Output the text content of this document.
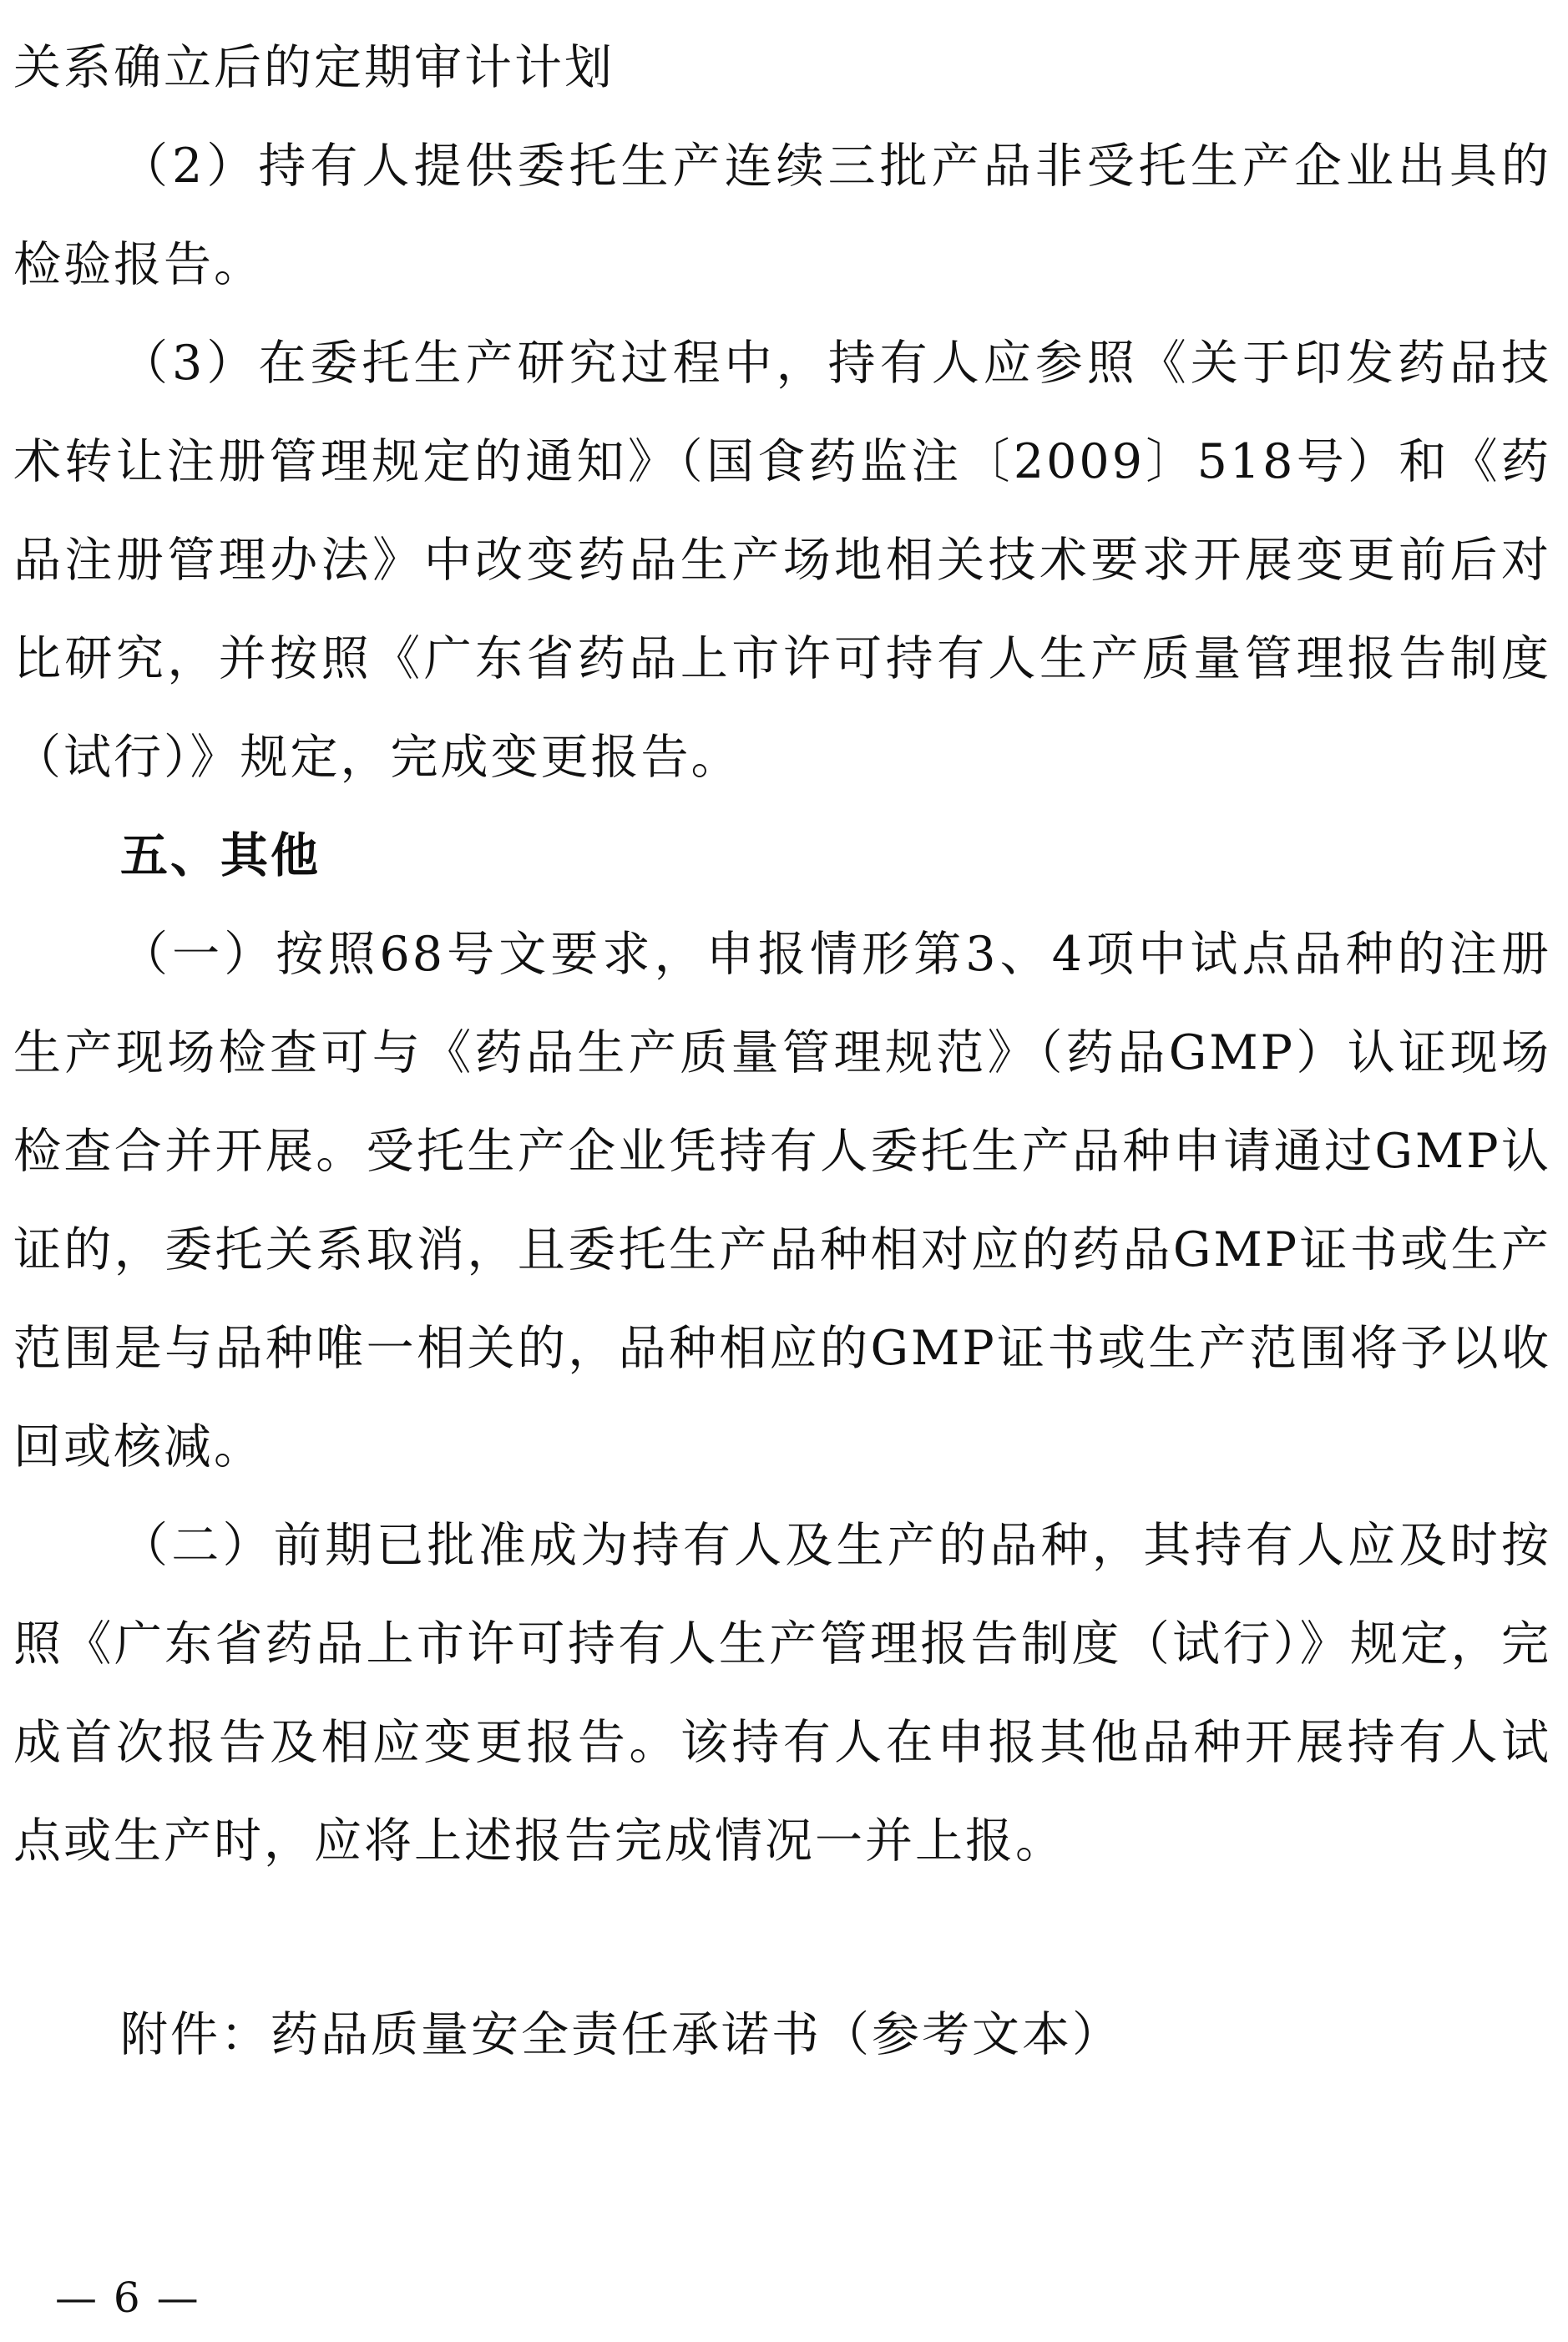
关系确立后的定期审计计划

（2）持有人提供委托生产连续三批产品非受托生产企业出具的检验报告。

（3）在委托生产研究过程中，持有人应参照《关于印发药品技术转让注册管理规定的通知》（国食药监注〔2009〕518号）和《药品注册管理办法》中改变药品生产场地相关技术要求开展变更前后对比研究，并按照《广东省药品上市许可持有人生产质量管理报告制度（试行）》规定，完成变更报告。

五、其他

（一）按照68号文要求，申报情形第3、4项中试点品种的注册生产现场检查可与《药品生产质量管理规范》（药品GMP）认证现场检查合并开展。受托生产企业凭持有人委托生产品种申请通过GMP认证的，委托关系取消，且委托生产品种相对应的药品GMP证书或生产范围是与品种唯一相关的，品种相应的GMP证书或生产范围将予以收回或核减。

（二）前期已批准成为持有人及生产的品种，其持有人应及时按照《广东省药品上市许可持有人生产管理报告制度（试行）》规定，完成首次报告及相应变更报告。该持有人在申报其他品种开展持有人试点或生产时，应将上述报告完成情况一并上报。

附件：药品质量安全责任承诺书（参考文本）
— 6 —
